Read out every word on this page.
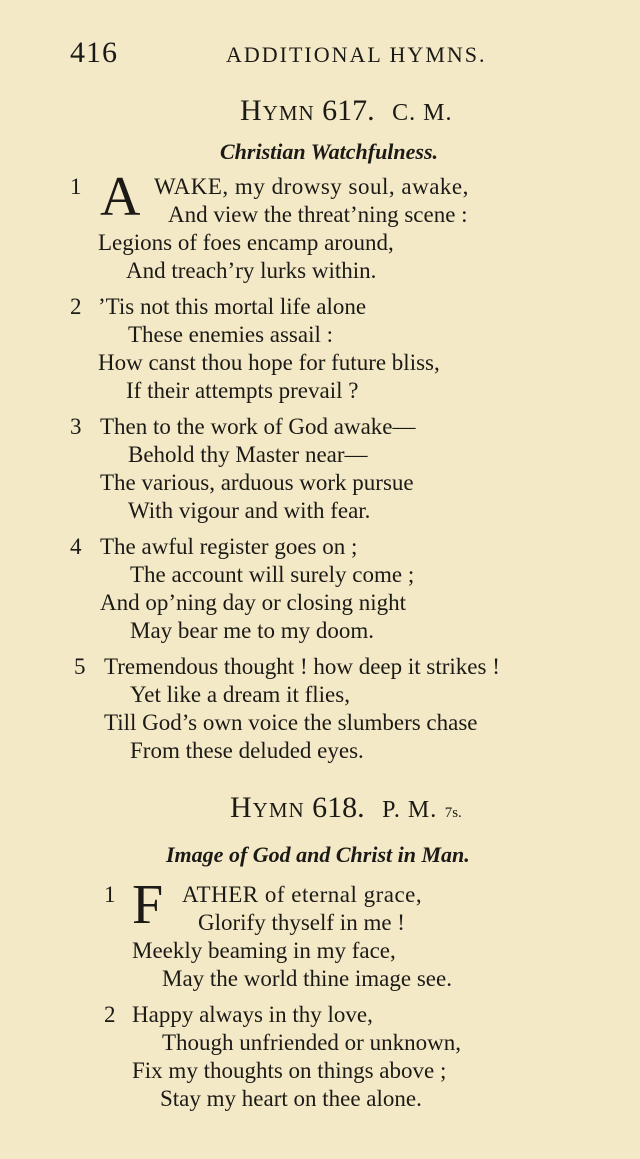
416	ADDITIONAL HYMNS.
Hymn 617. C. M.
Christian Watchfulness.
1 A WAKE, my drowsy soul, awake,
And view the threat’ning scene :
Legions of foes encamp around,
And treach’ry lurks within.
2 ’Tis not this mortal life alone
These enemies assail :
How canst thou hope for future bliss,
If their attempts prevail ?
3 Then to the work of God awake—
Behold thy Master near—
The various, arduous work pursue
With vigour and with fear.
4 The awful register goes on ;
The account will surely come ;
And op’ning day or closing night
May bear me to my doom.
5 Tremendous thought ! how deep it strikes !
Yet like a dream it flies,
Till God’s own voice the slumbers chase
From these deluded eyes.
Hymn 618. P. M. 7s.
Image of God and Christ in Man.
1 F ATHER of eternal grace,
Glorify thyself in me !
Meekly beaming in my face,
May the world thine image see.
2 Happy always in thy love,
Though unfriended or unknown,
Fix my thoughts on things above ;
Stay my heart on thee alone.
